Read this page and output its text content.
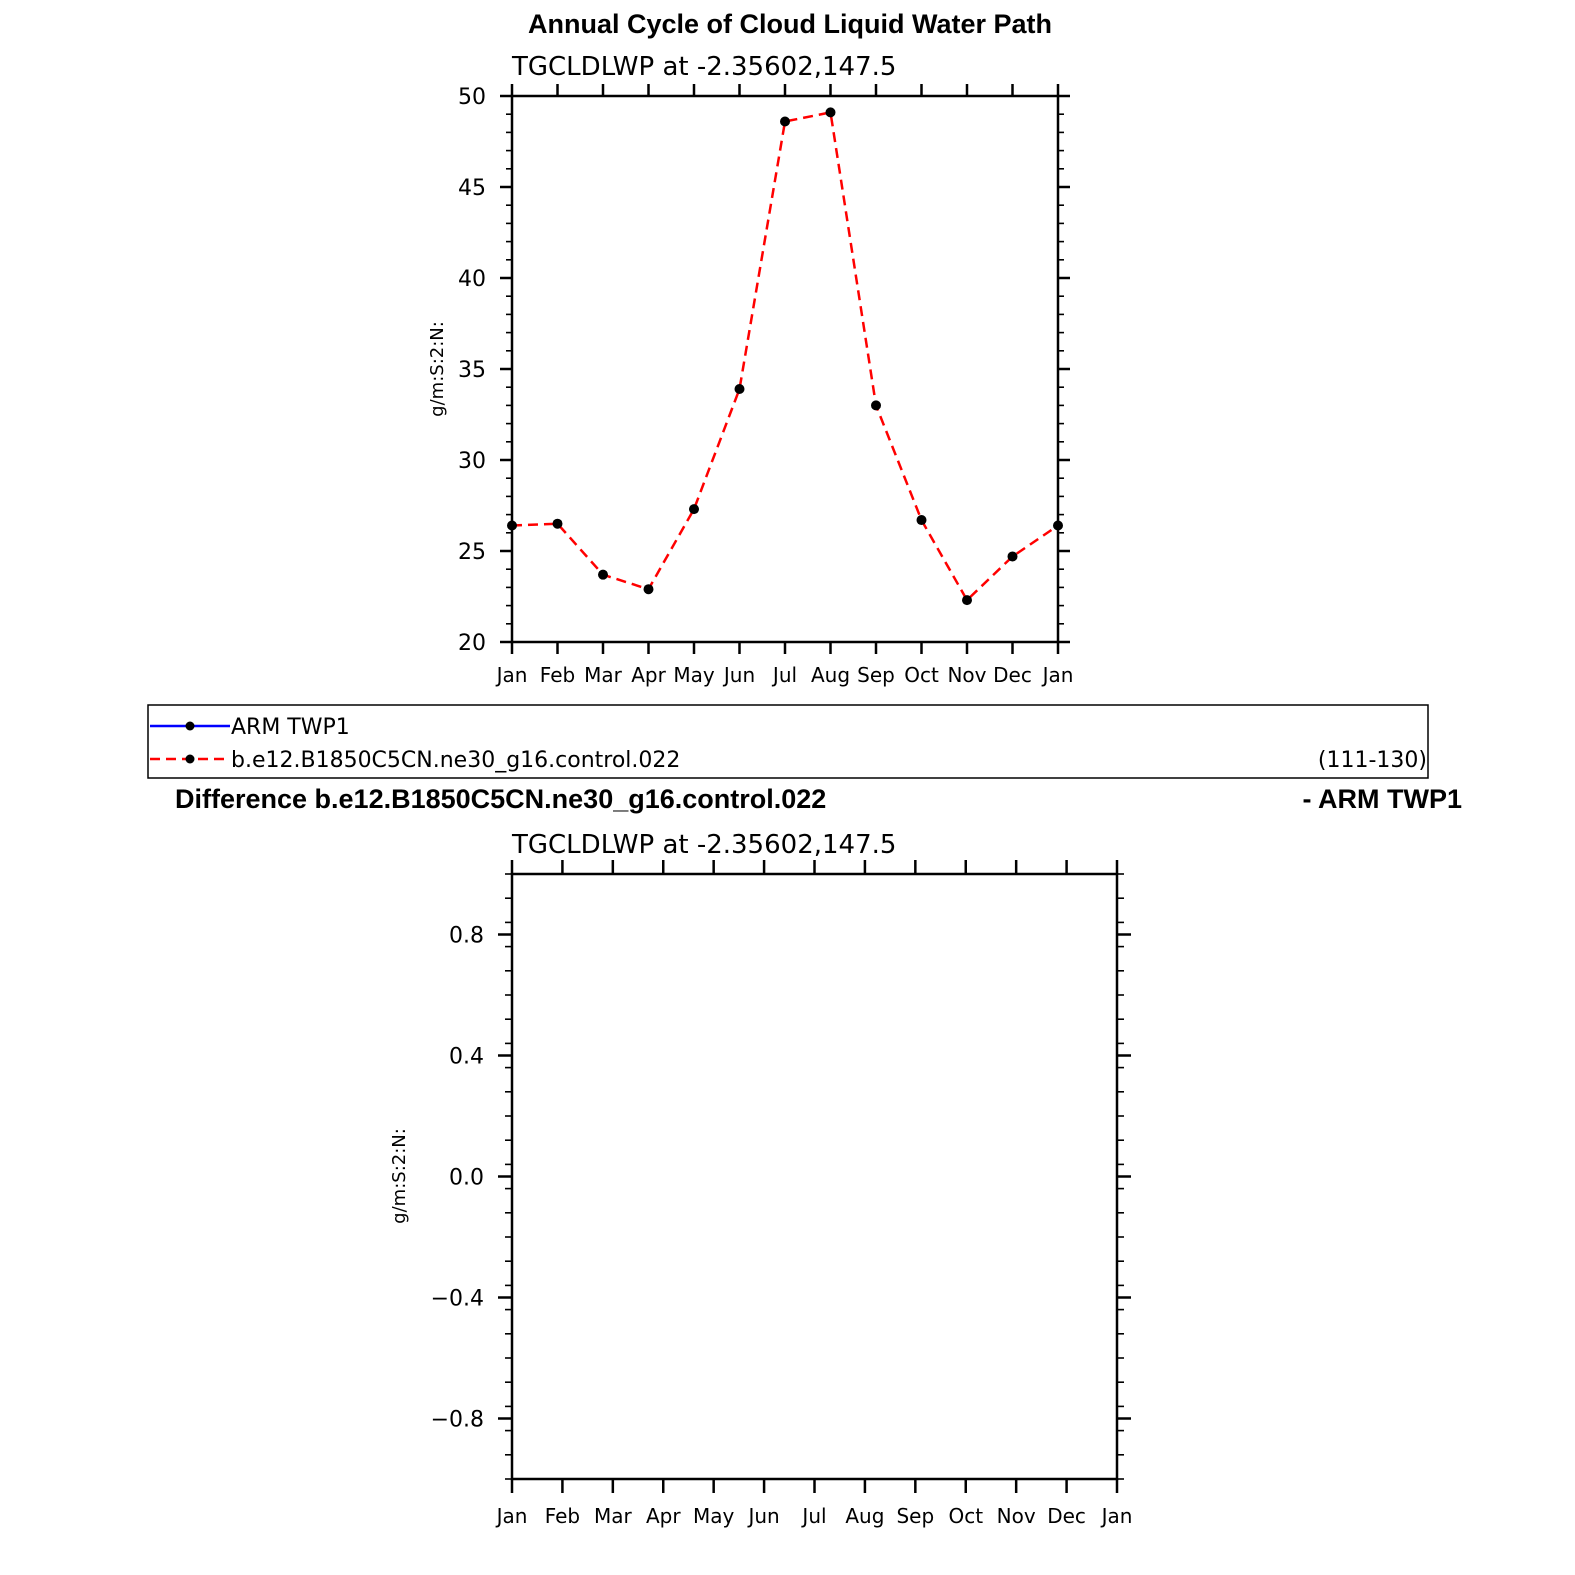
Annual Cycle of Cloud Liquid Water Path
TGCLDLWP at -2.35602,147.5
Jan Feb Mar Apr May Jun Jul Aug Sep Oct Nov Dec Jan
20
25
30
35
40
45
50
g/m:S:2:N:
ARM TWP1
b.e12.B1850C5CN.ne30_g16.control.022	(111-130)
Difference b.e12.B1850C5CN.ne30_g16.control.022	- ARM TWP1
TGCLDLWP at -2.35602,147.5
Jan Feb Mar Apr May Jun Jul Aug Sep Oct Nov Dec Jan
−0.8
−0.4
0.0
0.4
0.8
g/m:S:2:N:
